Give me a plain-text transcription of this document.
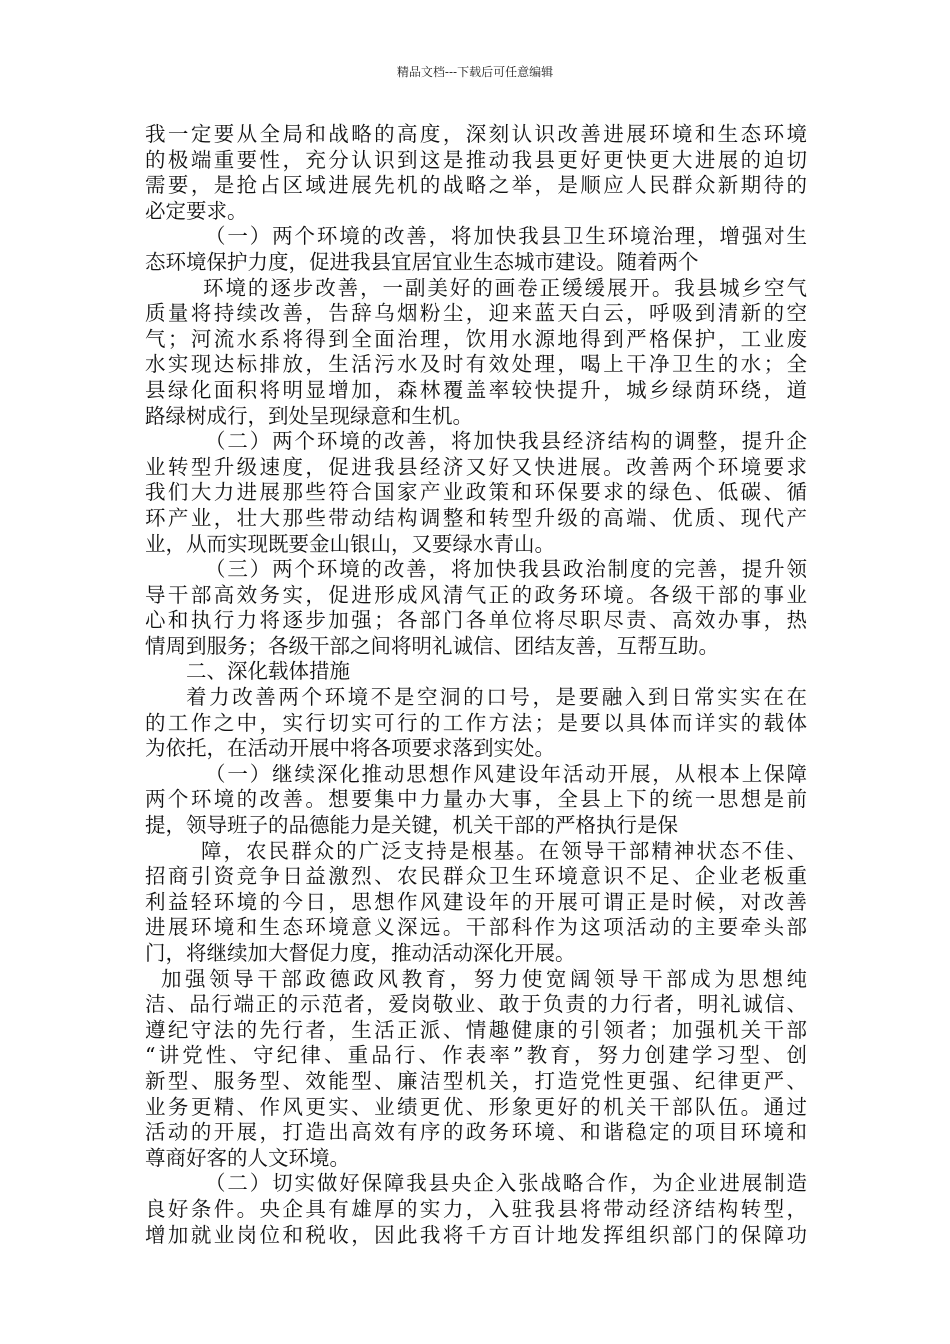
精品文档---下载后可任意编辑
我一定要从全局和战略的高度，深刻认识改善进展环境和生态环境
的极端重要性，充分认识到这是推动我县更好更快更大进展的迫切
需要，是抢占区域进展先机的战略之举，是顺应人民群众新期待的
必定要求。
（一）两个环境的改善，将加快我县卫生环境治理，增强对生
态环境保护力度，促进我县宜居宜业生态城市建设。随着两个
环境的逐步改善，一副美好的画卷正缓缓展开。我县城乡空气
质量将持续改善，告辞乌烟粉尘，迎来蓝天白云，呼吸到清新的空
气；河流水系将得到全面治理，饮用水源地得到严格保护，工业废
水实现达标排放，生活污水及时有效处理，喝上干净卫生的水；全
县绿化面积将明显增加，森林覆盖率较快提升，城乡绿荫环绕，道
路绿树成行，到处呈现绿意和生机。
（二）两个环境的改善，将加快我县经济结构的调整，提升企
业转型升级速度，促进我县经济又好又快进展。改善两个环境要求
我们大力进展那些符合国家产业政策和环保要求的绿色、低碳、循
环产业，壮大那些带动结构调整和转型升级的高端、优质、现代产
业，从而实现既要金山银山，又要绿水青山。
（三）两个环境的改善，将加快我县政治制度的完善，提升领
导干部高效务实，促进形成风清气正的政务环境。各级干部的事业
心和执行力将逐步加强；各部门各单位将尽职尽责、高效办事，热
情周到服务；各级干部之间将明礼诚信、团结友善，互帮互助。
二、深化载体措施
着力改善两个环境不是空洞的口号，是要融入到日常实实在在
的工作之中，实行切实可行的工作方法；是要以具体而详实的载体
为依托，在活动开展中将各项要求落到实处。
（一）继续深化推动思想作风建设年活动开展，从根本上保障
两个环境的改善。想要集中力量办大事，全县上下的统一思想是前
提，领导班子的品德能力是关键，机关干部的严格执行是保
障，农民群众的广泛支持是根基。在领导干部精神状态不佳、
招商引资竞争日益激烈、农民群众卫生环境意识不足、企业老板重
利益轻环境的今日，思想作风建设年的开展可谓正是时候，对改善
进展环境和生态环境意义深远。干部科作为这项活动的主要牵头部
门，将继续加大督促力度，推动活动深化开展。
加强领导干部政德政风教育，努力使宽阔领导干部成为思想纯
洁、品行端正的示范者，爱岗敬业、敢于负责的力行者，明礼诚信、
遵纪守法的先行者，生活正派、情趣健康的引领者；加强机关干部
“讲党性、守纪律、重品行、作表率”教育，努力创建学习型、创
新型、服务型、效能型、廉洁型机关，打造党性更强、纪律更严、
业务更精、作风更实、业绩更优、形象更好的机关干部队伍。通过
活动的开展，打造出高效有序的政务环境、和谐稳定的项目环境和
尊商好客的人文环境。
（二）切实做好保障我县央企入张战略合作，为企业进展制造
良好条件。央企具有雄厚的实力，入驻我县将带动经济结构转型，
增加就业岗位和税收，因此我将千方百计地发挥组织部门的保障功
